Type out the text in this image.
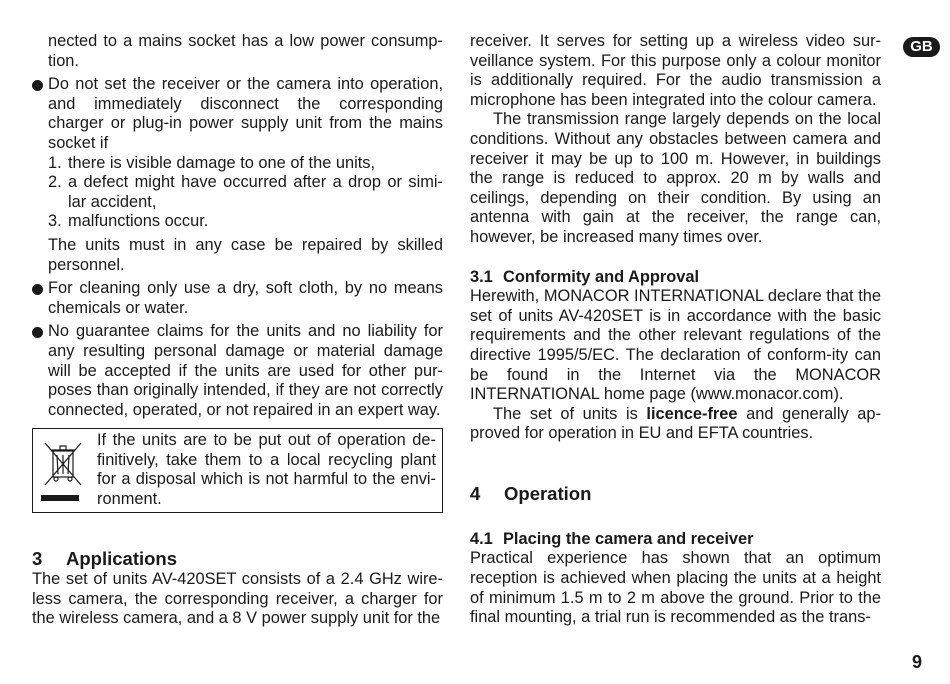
nected to a mains socket has a low power consump-tion.

Do not set the receiver or the camera into operation, and immediately disconnect the corresponding charger or plug-in power supply unit from the mains socket if

1. there is visible damage to one of the units,
2. a defect might have occurred after a drop or simi-lar accident,
3. malfunctions occur.

The units must in any case be repaired by skilled personnel.

For cleaning only use a dry, soft cloth, by no means chemicals or water.

No guarantee claims for the units and no liability for any resulting personal damage or material damage will be accepted if the units are used for other pur-poses than originally intended, if they are not correctly connected, operated, or not repaired in an expert way.

If the units are to be put out of operation de-finitively, take them to a local recycling plant for a disposal which is not harmful to the envi-ronment.

3 Applications

The set of units AV-420SET consists of a 2.4 GHz wire-less camera, the corresponding receiver, a charger for the wireless camera, and a 8 V power supply unit for the

receiver. It serves for setting up a wireless video sur-veillance system. For this purpose only a colour monitor is additionally required. For the audio transmission a microphone has been integrated into the colour camera.

The transmission range largely depends on the local conditions. Without any obstacles between camera and receiver it may be up to 100 m. However, in buildings the range is reduced to approx. 20 m by walls and ceilings, depending on their condition. By using an antenna with gain at the receiver, the range can, however, be increased many times over.

3.1 Conformity and Approval

Herewith, MONACOR INTERNATIONAL declare that the set of units AV-420SET is in accordance with the basic requirements and the other relevant regulations of the directive 1995/5/EC. The declaration of conform-ity can be found in the Internet via the MONACOR INTERNATIONAL home page (www.monacor.com).

The set of units is licence-free and generally ap-proved for operation in EU and EFTA countries.

4 Operation
4.1 Placing the camera and receiver

Practical experience has shown that an optimum reception is achieved when placing the units at a height of minimum 1.5 m to 2 m above the ground. Prior to the final mounting, a trial run is recommended as the trans-

GB
9
